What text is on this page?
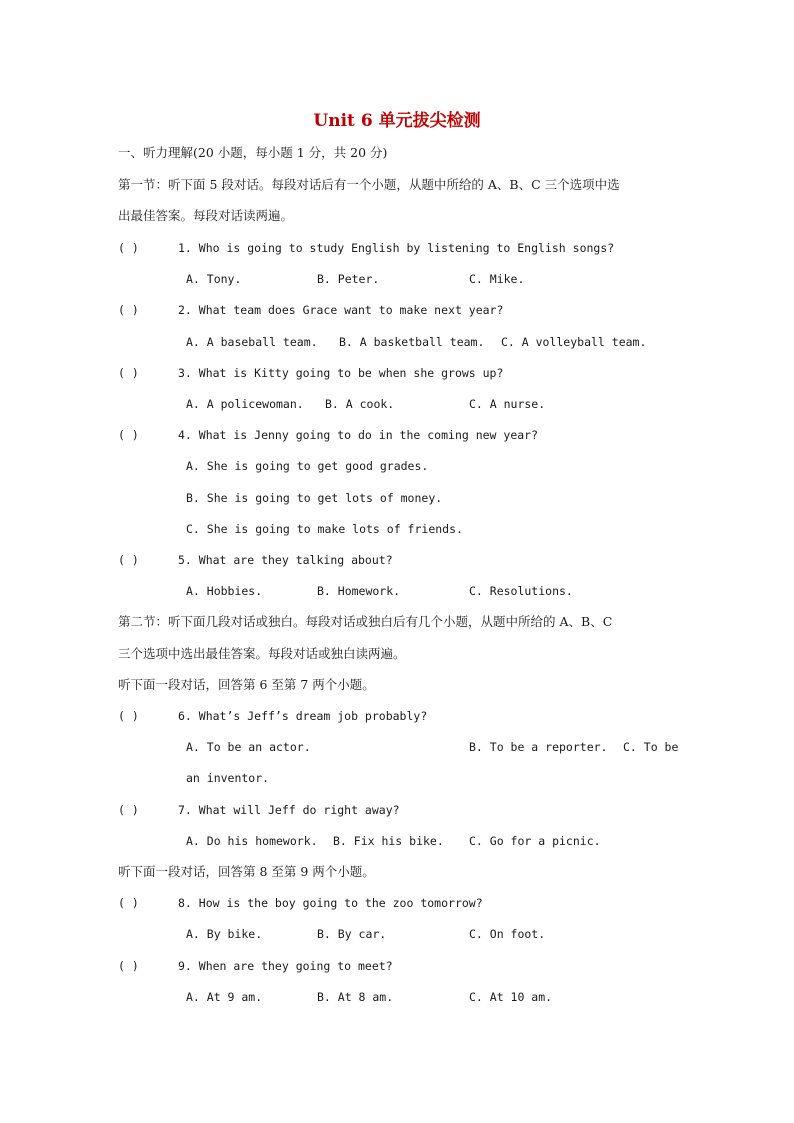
Unit 6 单元拔尖检测
一、听力理解(20 小题，每小题 1 分，共 20 分)
第一节：听下面 5 段对话。每段对话后有一个小题，从题中所给的 A、B、C 三个选项中选
出最佳答案。每段对话读两遍。
( )	1. Who is going to study English by listening to English songs?
A. Tony.	B. Peter.	C. Mike.
( )	2. What team does Grace want to make next year?
A. A baseball team. B. A basketball team. C. A volleyball team.
( )	3. What is Kitty going to be when she grows up?
A. A policewoman. B. A cook.	C. A nurse.
( )	4. What is Jenny going to do in the coming new year?
A. She is going to get good grades.
B. She is going to get lots of money.
C. She is going to make lots of friends.
( )	5. What are they talking about?
A. Hobbies.	B. Homework.	C. Resolutions.
第二节：听下面几段对话或独白。每段对话或独白后有几个小题，从题中所给的 A、B、C
三个选项中选出最佳答案。每段对话或独白读两遍。
听下面一段对话，回答第 6 至第 7 两个小题。
( )	6. What’s Jeff’s dream job probably?
A. To be an actor.	B. To be a reporter. C. To be
an inventor.
( )	7. What will Jeff do right away?
A. Do his homework. B. Fix his bike. C. Go for a picnic.
听下面一段对话，回答第 8 至第 9 两个小题。
( )	8. How is the boy going to the zoo tomorrow?
A. By bike.	B. By car.	C. On foot.
( )	9. When are they going to meet?
A. At 9 am.	B. At 8 am.	C. At 10 am.
